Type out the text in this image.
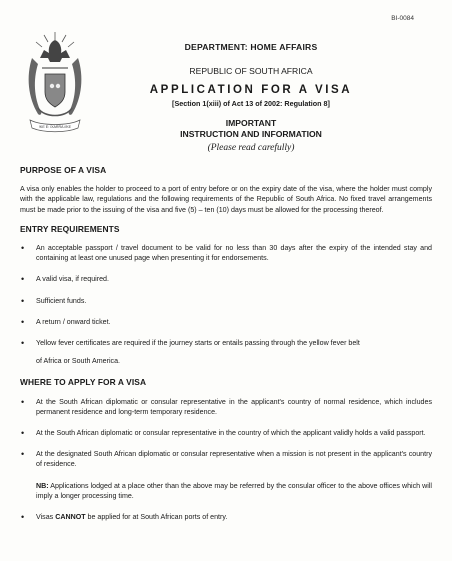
BI-0084
!KE E: /XARRA //KE
DEPARTMENT: HOME AFFAIRS
REPUBLIC OF SOUTH AFRICA
APPLICATION FOR A VISA
[Section 1(xiii) of Act 13 of 2002: Regulation 8]
IMPORTANT
INSTRUCTION AND INFORMATION
(Please read carefully)
PURPOSE OF A VISA
A visa only enables the holder to proceed to a port of entry before or on the expiry date of the visa, where the holder must comply with the applicable law, regulations and the following requirements of the Republic of South Africa. No fixed travel arrangements must be made prior to the issuing of the visa and five (5) – ten (10) days must be allowed for the processing thereof.
ENTRY REQUIREMENTS
• An acceptable passport / travel document to be valid for no less than 30 days after the expiry of the intended stay and containing at least one unused page when presenting it for endorsements.
• A valid visa, if required.
• Sufficient funds.
• A return / onward ticket.
• Yellow fever certificates are required if the journey starts or entails passing through the yellow fever belt
of Africa or South America.
WHERE TO APPLY FOR A VISA
• At the South African diplomatic or consular representative in the applicant's country of normal residence, which includes permanent residence and long-term temporary residence.
• At the South African diplomatic or consular representative in the country of which the applicant validly holds a valid passport.
• At the designated South African diplomatic or consular representative when a mission is not present in the applicant's country of residence.
NB: Applications lodged at a place other than the above may be referred by the consular officer to the above offices which will imply a longer processing time.
• Visas CANNOT be applied for at South African ports of entry.
